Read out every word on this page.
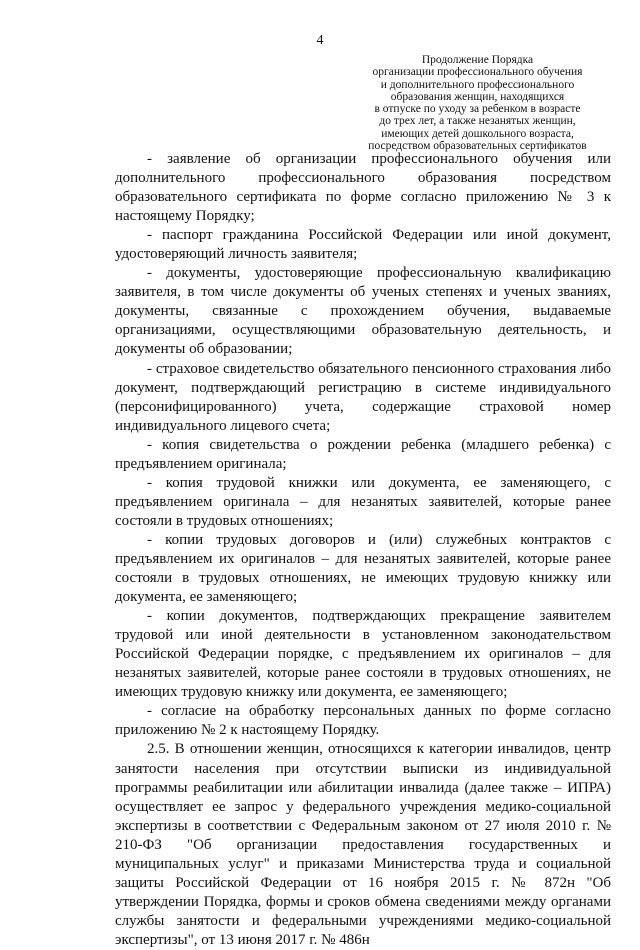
4
Продолжение Порядка
организации профессионального обучения
и дополнительного профессионального
образования женщин, находящихся
в отпуске по уходу за ребенком в возрасте
до трех лет, а также незанятых женщин,
имеющих детей дошкольного возраста,
посредством образовательных сертификатов

- заявление об организации профессионального обучения или дополнительного профессионального образования посредством образовательного сертификата по форме согласно приложению № 3 к настоящему Порядку;

- паспорт гражданина Российской Федерации или иной документ, удостоверяющий личность заявителя;

- документы, удостоверяющие профессиональную квалификацию заявителя, в том числе документы об ученых степенях и ученых званиях, документы, связанные с прохождением обучения, выдаваемые организациями, осуществляющими образовательную деятельность, и документы об образовании;

- страховое свидетельство обязательного пенсионного страхования либо документ, подтверждающий регистрацию в системе индивидуального (персонифицированного) учета, содержащие страховой номер индивидуального лицевого счета;

- копия свидетельства о рождении ребенка (младшего ребенка) с предъявлением оригинала;

- копия трудовой книжки или документа, ее заменяющего, с предъявлением оригинала – для незанятых заявителей, которые ранее состояли в трудовых отношениях;

- копии трудовых договоров и (или) служебных контрактов с предъявлением их оригиналов – для незанятых заявителей, которые ранее состояли в трудовых отношениях, не имеющих трудовую книжку или документа, ее заменяющего;

- копии документов, подтверждающих прекращение заявителем трудовой или иной деятельности в установленном законодательством Российской Федерации порядке, с предъявлением их оригиналов – для незанятых заявителей, которые ранее состояли в трудовых отношениях, не имеющих трудовую книжку или документа, ее заменяющего;

- согласие на обработку персональных данных по форме согласно приложению № 2 к настоящему Порядку.

2.5. В отношении женщин, относящихся к категории инвалидов, центр занятости населения при отсутствии выписки из индивидуальной программы реабилитации или абилитации инвалида (далее также – ИПРА) осуществляет ее запрос у федерального учреждения медико-социальной экспертизы в соответствии с Федеральным законом от 27 июля 2010 г. № 210-ФЗ "Об организации предоставления государственных и муниципальных услуг" и приказами Министерства труда и социальной защиты Российской Федерации от 16 ноября 2015 г. № 872н "Об утверждении Порядка, формы и сроков обмена сведениями между органами службы занятости и федеральными учреждениями медико-социальной экспертизы", от 13 июня 2017 г. № 486н
